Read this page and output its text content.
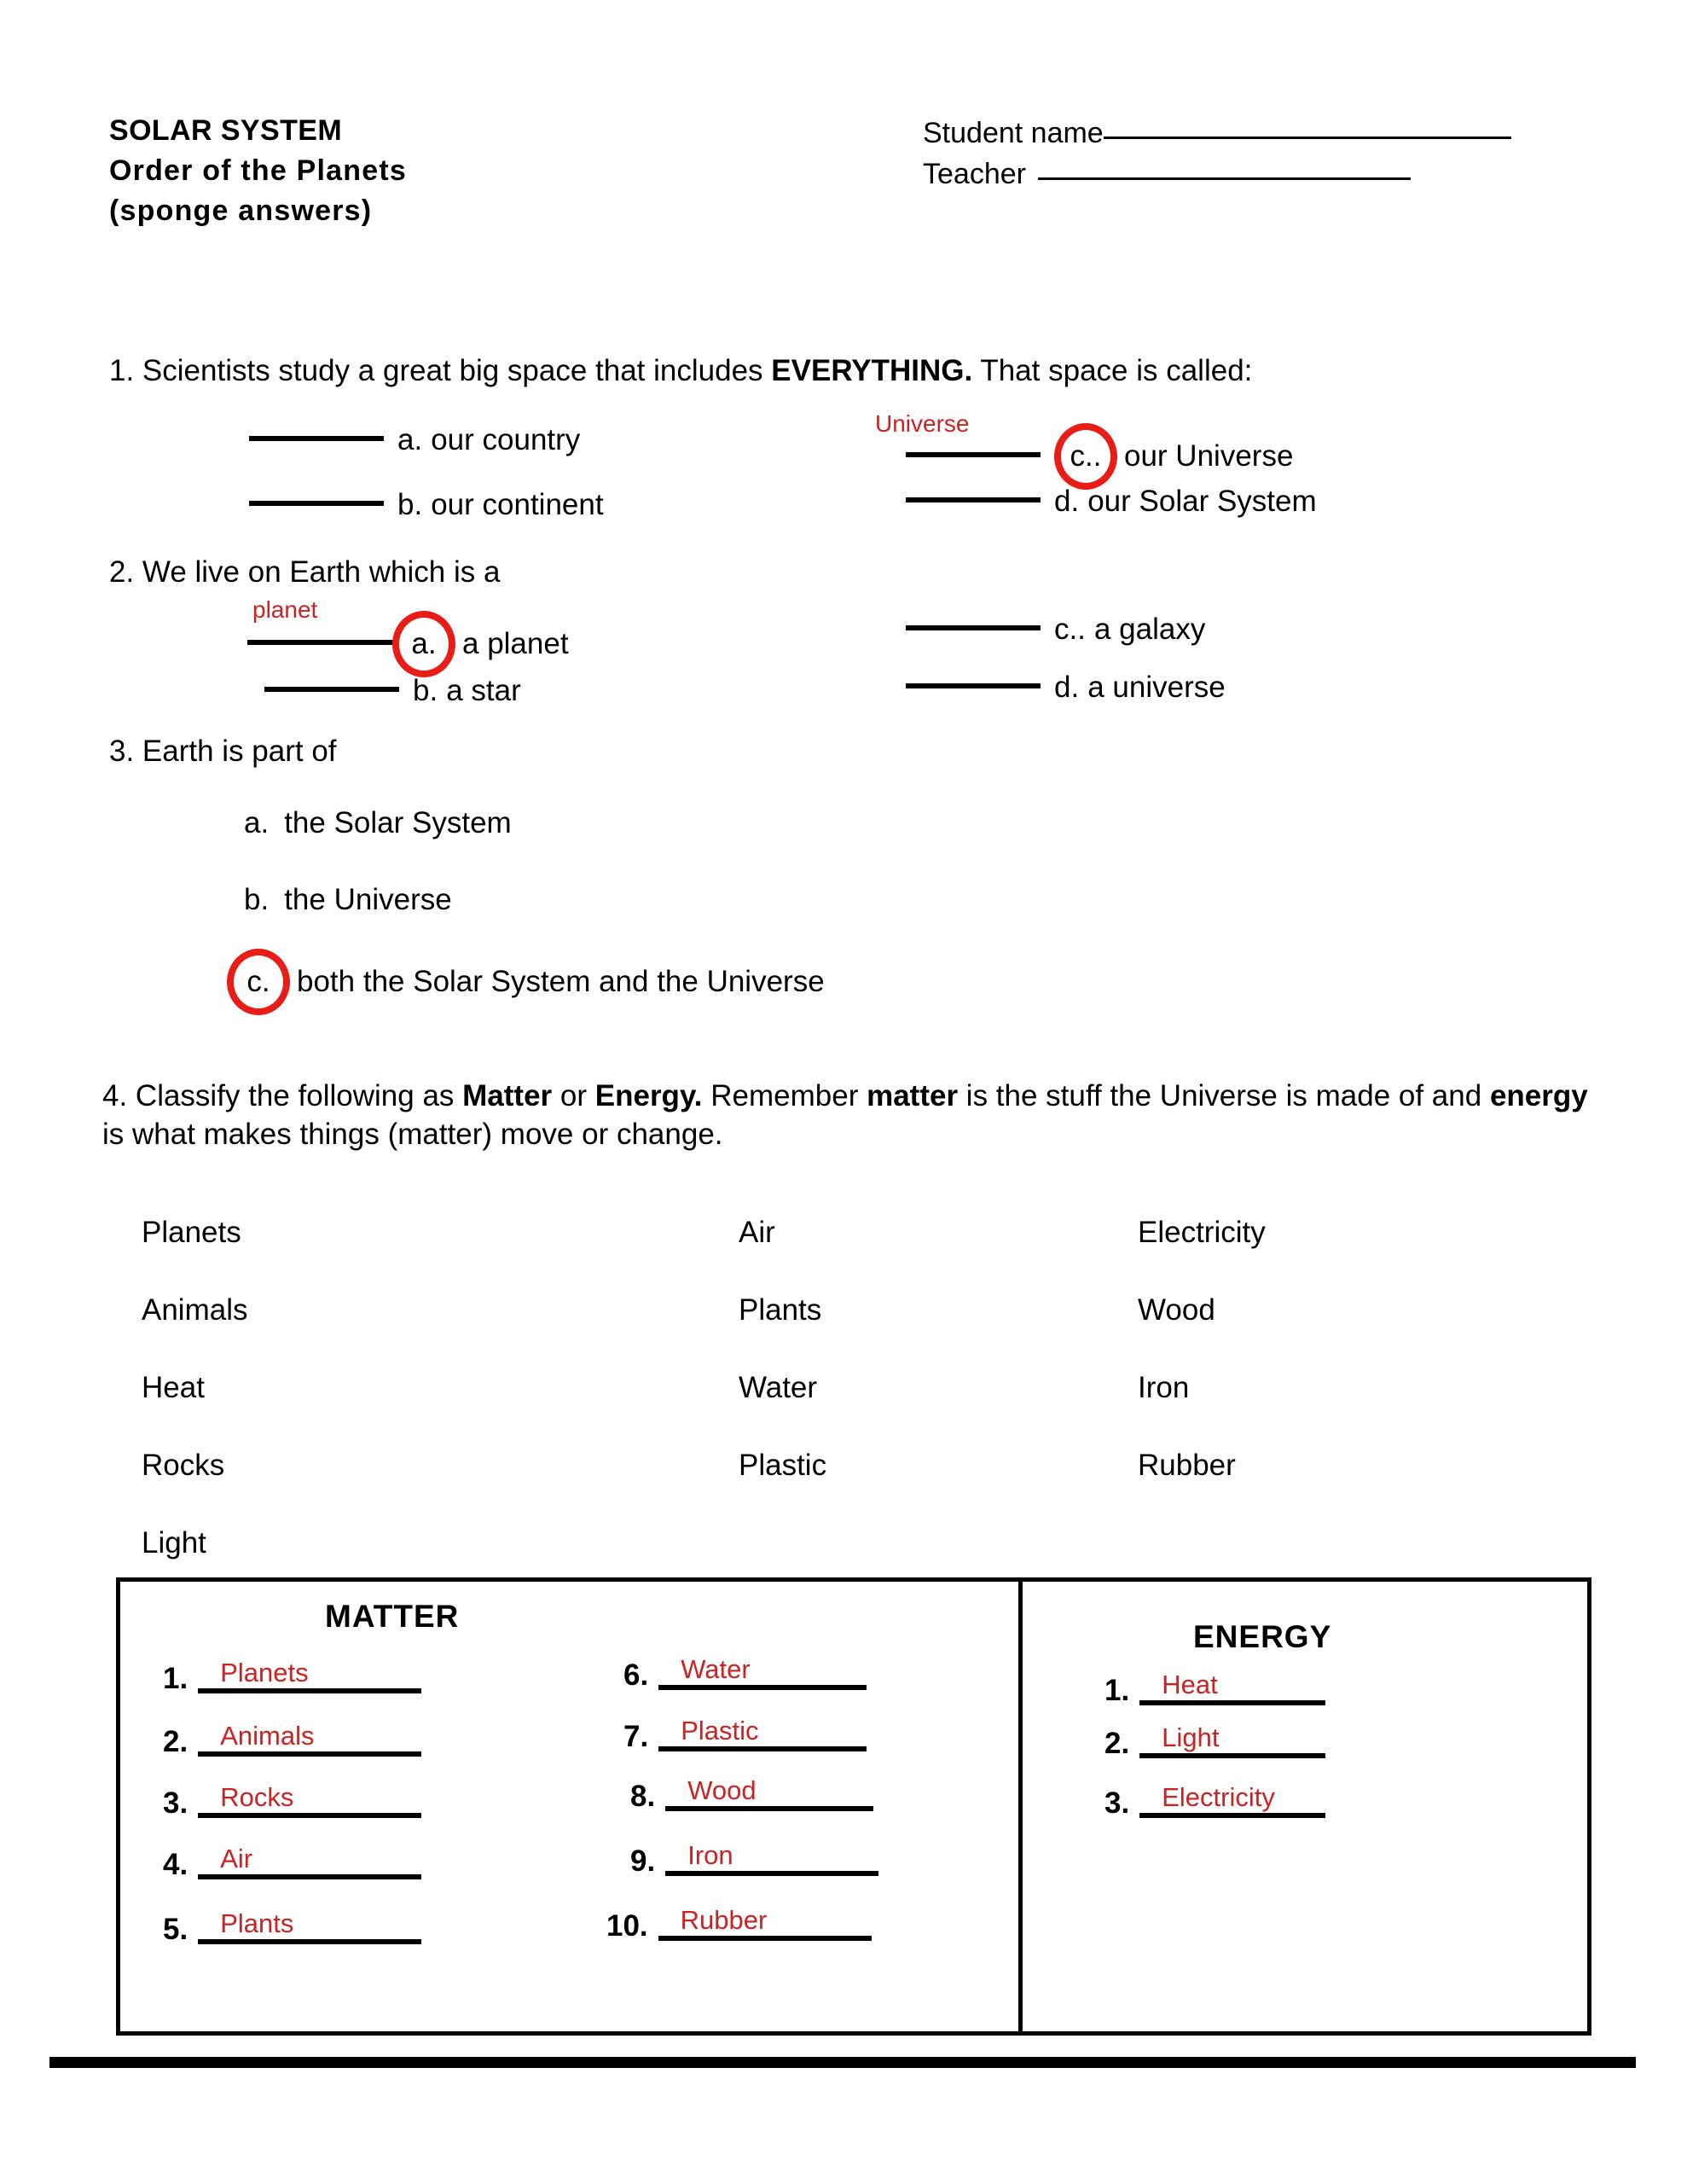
SOLAR SYSTEM
Order of the Planets
(sponge answers)
Student name
Teacher
1. Scientists study a great big space that includes EVERYTHING. That space is called:
a. our country
b. our continent
Universe
c.. our Universe
d. our Solar System
2. We live on Earth which is a
planet
a. a planet
b. a star
c.. a galaxy
d. a universe
3. Earth is part of
a. the Solar System
b. the Universe
c. both the Solar System and the Universe
4. Classify the following as Matter or Energy. Remember matter is the stuff the Universe is made of and energy is what makes things (matter) move or change.
Planets
Animals
Heat
Rocks
Light
Air
Plants
Water
Plastic
Electricity
Wood
Iron
Rubber
MATTER
1. Planets
2. Animals
3. Rocks
4. Air
5. Plants
6. Water
7. Plastic
8. Wood
9. Iron
10. Rubber
ENERGY
1. Heat
2. Light
3. Electricity
